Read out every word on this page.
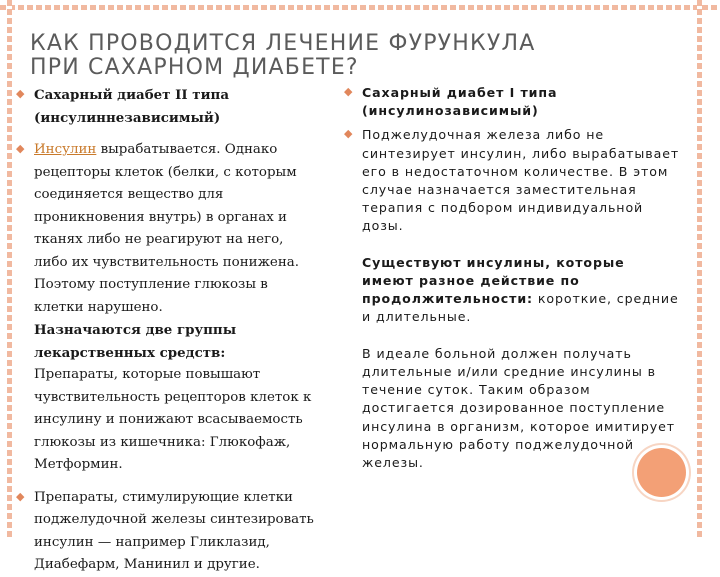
КАК ПРОВОДИТСЯ ЛЕЧЕНИЕ ФУРУНКУЛА
ПРИ САХАРНОМ ДИАБЕТЕ?
◆ Сахарный диабет II типа
(инсулиннезависимый)
◆ Инсулин вырабатывается. Однако
рецепторы клеток (белки, с которым
соединяется вещество для
проникновения внутрь) в органах и
тканях либо не реагируют на него,
либо их чувствительность понижена.
Поэтому поступление глюкозы в
клетки нарушено.
Назначаются две группы
лекарственных средств:
Препараты, которые повышают
чувствительность рецепторов клеток к
инсулину и понижают всасываемость
глюкозы из кишечника: Глюкофаж,
Метформин.
◆ Препараты, стимулирующие клетки
поджелудочной железы синтезировать
инсулин — например Гликлазид,
Диабефарм, Манинил и другие.
◆ Сахарный диабет I типа
(инсулинозависимый)
◆ Поджелудочная железа либо не
синтезирует инсулин, либо вырабатывает
его в недостаточном количестве. В этом
случае назначается заместительная
терапия с подбором индивидуальной
дозы.
Существуют инсулины, которые
имеют разное действие по
продолжительности: короткие, средние
и длительные.
В идеале больной должен получать
длительные и/или средние инсулины в
течение суток. Таким образом
достигается дозированное поступление
инсулина в организм, которое имитирует
нормальную работу поджелудочной
железы.
